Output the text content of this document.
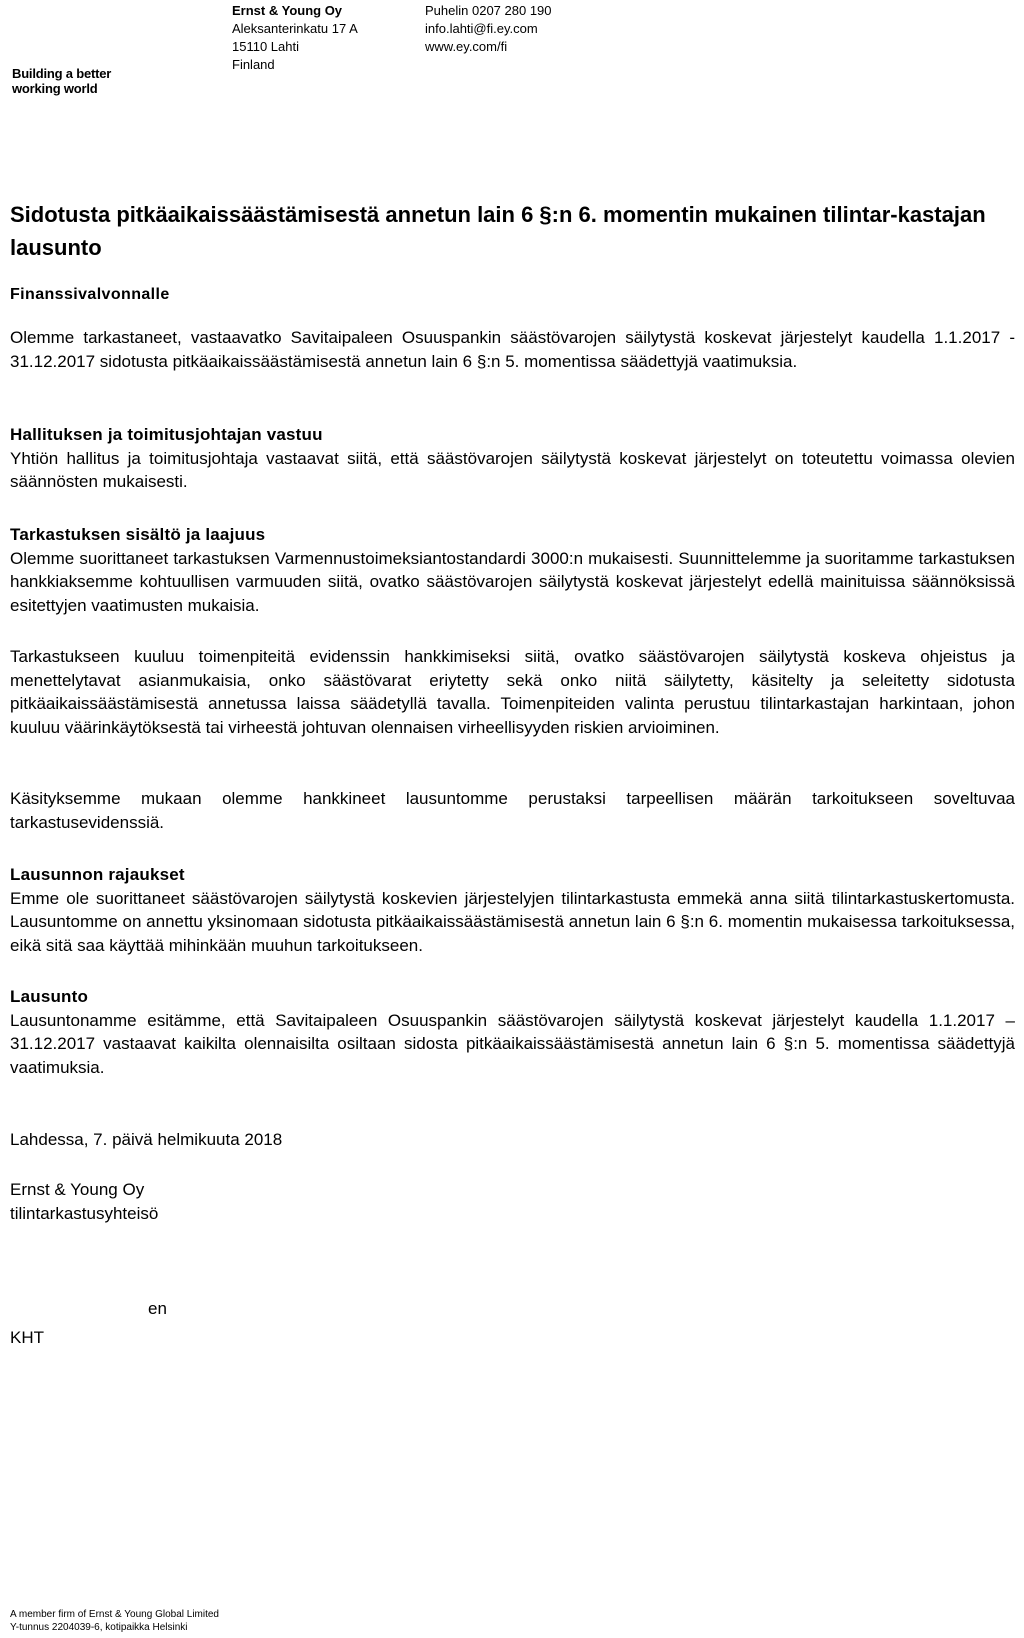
Building a better
working world
Ernst & Young Oy
Aleksanterinkatu 17 A
15110 Lahti
Finland
Puhelin 0207 280 190
info.lahti@fi.ey.com
www.ey.com/fi
Sidotusta pitkäaikaissäästämisestä annetun lain 6 §:n 6. momentin mukainen tilintar-kastajan lausunto

Finanssivalvonnalle

Olemme tarkastaneet, vastaavatko Savitaipaleen Osuuspankin säästövarojen säilytystä koskevat järjestelyt kaudella 1.1.2017 - 31.12.2017 sidotusta pitkäaikaissäästämisestä annetun lain 6 §:n 5. momentissa säädettyjä vaatimuksia.

Hallituksen ja toimitusjohtajan vastuu
Yhtiön hallitus ja toimitusjohtaja vastaavat siitä, että säästövarojen säilytystä koskevat järjestelyt on toteutettu voimassa olevien säännösten mukaisesti.
Tarkastuksen sisältö ja laajuus
Olemme suorittaneet tarkastuksen Varmennustoimeksiantostandardi 3000:n mukaisesti. Suunnittelemme ja suoritamme tarkastuksen hankkiaksemme kohtuullisen varmuuden siitä, ovatko säästövarojen säilytystä koskevat järjestelyt edellä mainituissa säännöksissä esitettyjen vaatimusten mukaisia.

Tarkastukseen kuuluu toimenpiteitä evidenssin hankkimiseksi siitä, ovatko säästövarojen säilytystä koskeva ohjeistus ja menettelytavat asianmukaisia, onko säästövarat eriytetty sekä onko niitä säilytetty, käsitelty ja seleitetty sidotusta pitkäaikaissäästämisestä annetussa laissa säädetyllä tavalla. Toimenpiteiden valinta perustuu tilintarkastajan harkintaan, johon kuuluu väärinkäytöksestä tai virheestä johtuvan olennaisen virheellisyyden riskien arvioiminen.

Käsityksemme mukaan olemme hankkineet lausuntomme perustaksi tarpeellisen määrän tarkoitukseen soveltuvaa tarkastusevidenssiä.

Lausunnon rajaukset
Emme ole suorittaneet säästövarojen säilytystä koskevien järjestelyjen tilintarkastusta emmekä anna siitä tilintarkastuskertomusta. Lausuntomme on annettu yksinomaan sidotusta pitkäaikaissäästämisestä annetun lain 6 §:n 6. momentin mukaisessa tarkoituksessa, eikä sitä saa käyttää mihinkään muuhun tarkoitukseen.
Lausunto
Lausuntonamme esitämme, että Savitaipaleen Osuuspankin säästövarojen säilytystä koskevat järjestelyt kaudella 1.1.2017 – 31.12.2017 vastaavat kaikilta olennaisilta osiltaan sidosta pitkäaikaissäästämisestä annetun lain 6 §:n 5. momentissa säädettyjä vaatimuksia.

Lahdessa, 7. päivä helmikuuta 2018

Ernst & Young Oy
tilintarkastusyhteisö

en

KHT

A member firm of Ernst & Young Global Limited
Y-tunnus 2204039-6, kotipaikka Helsinki
